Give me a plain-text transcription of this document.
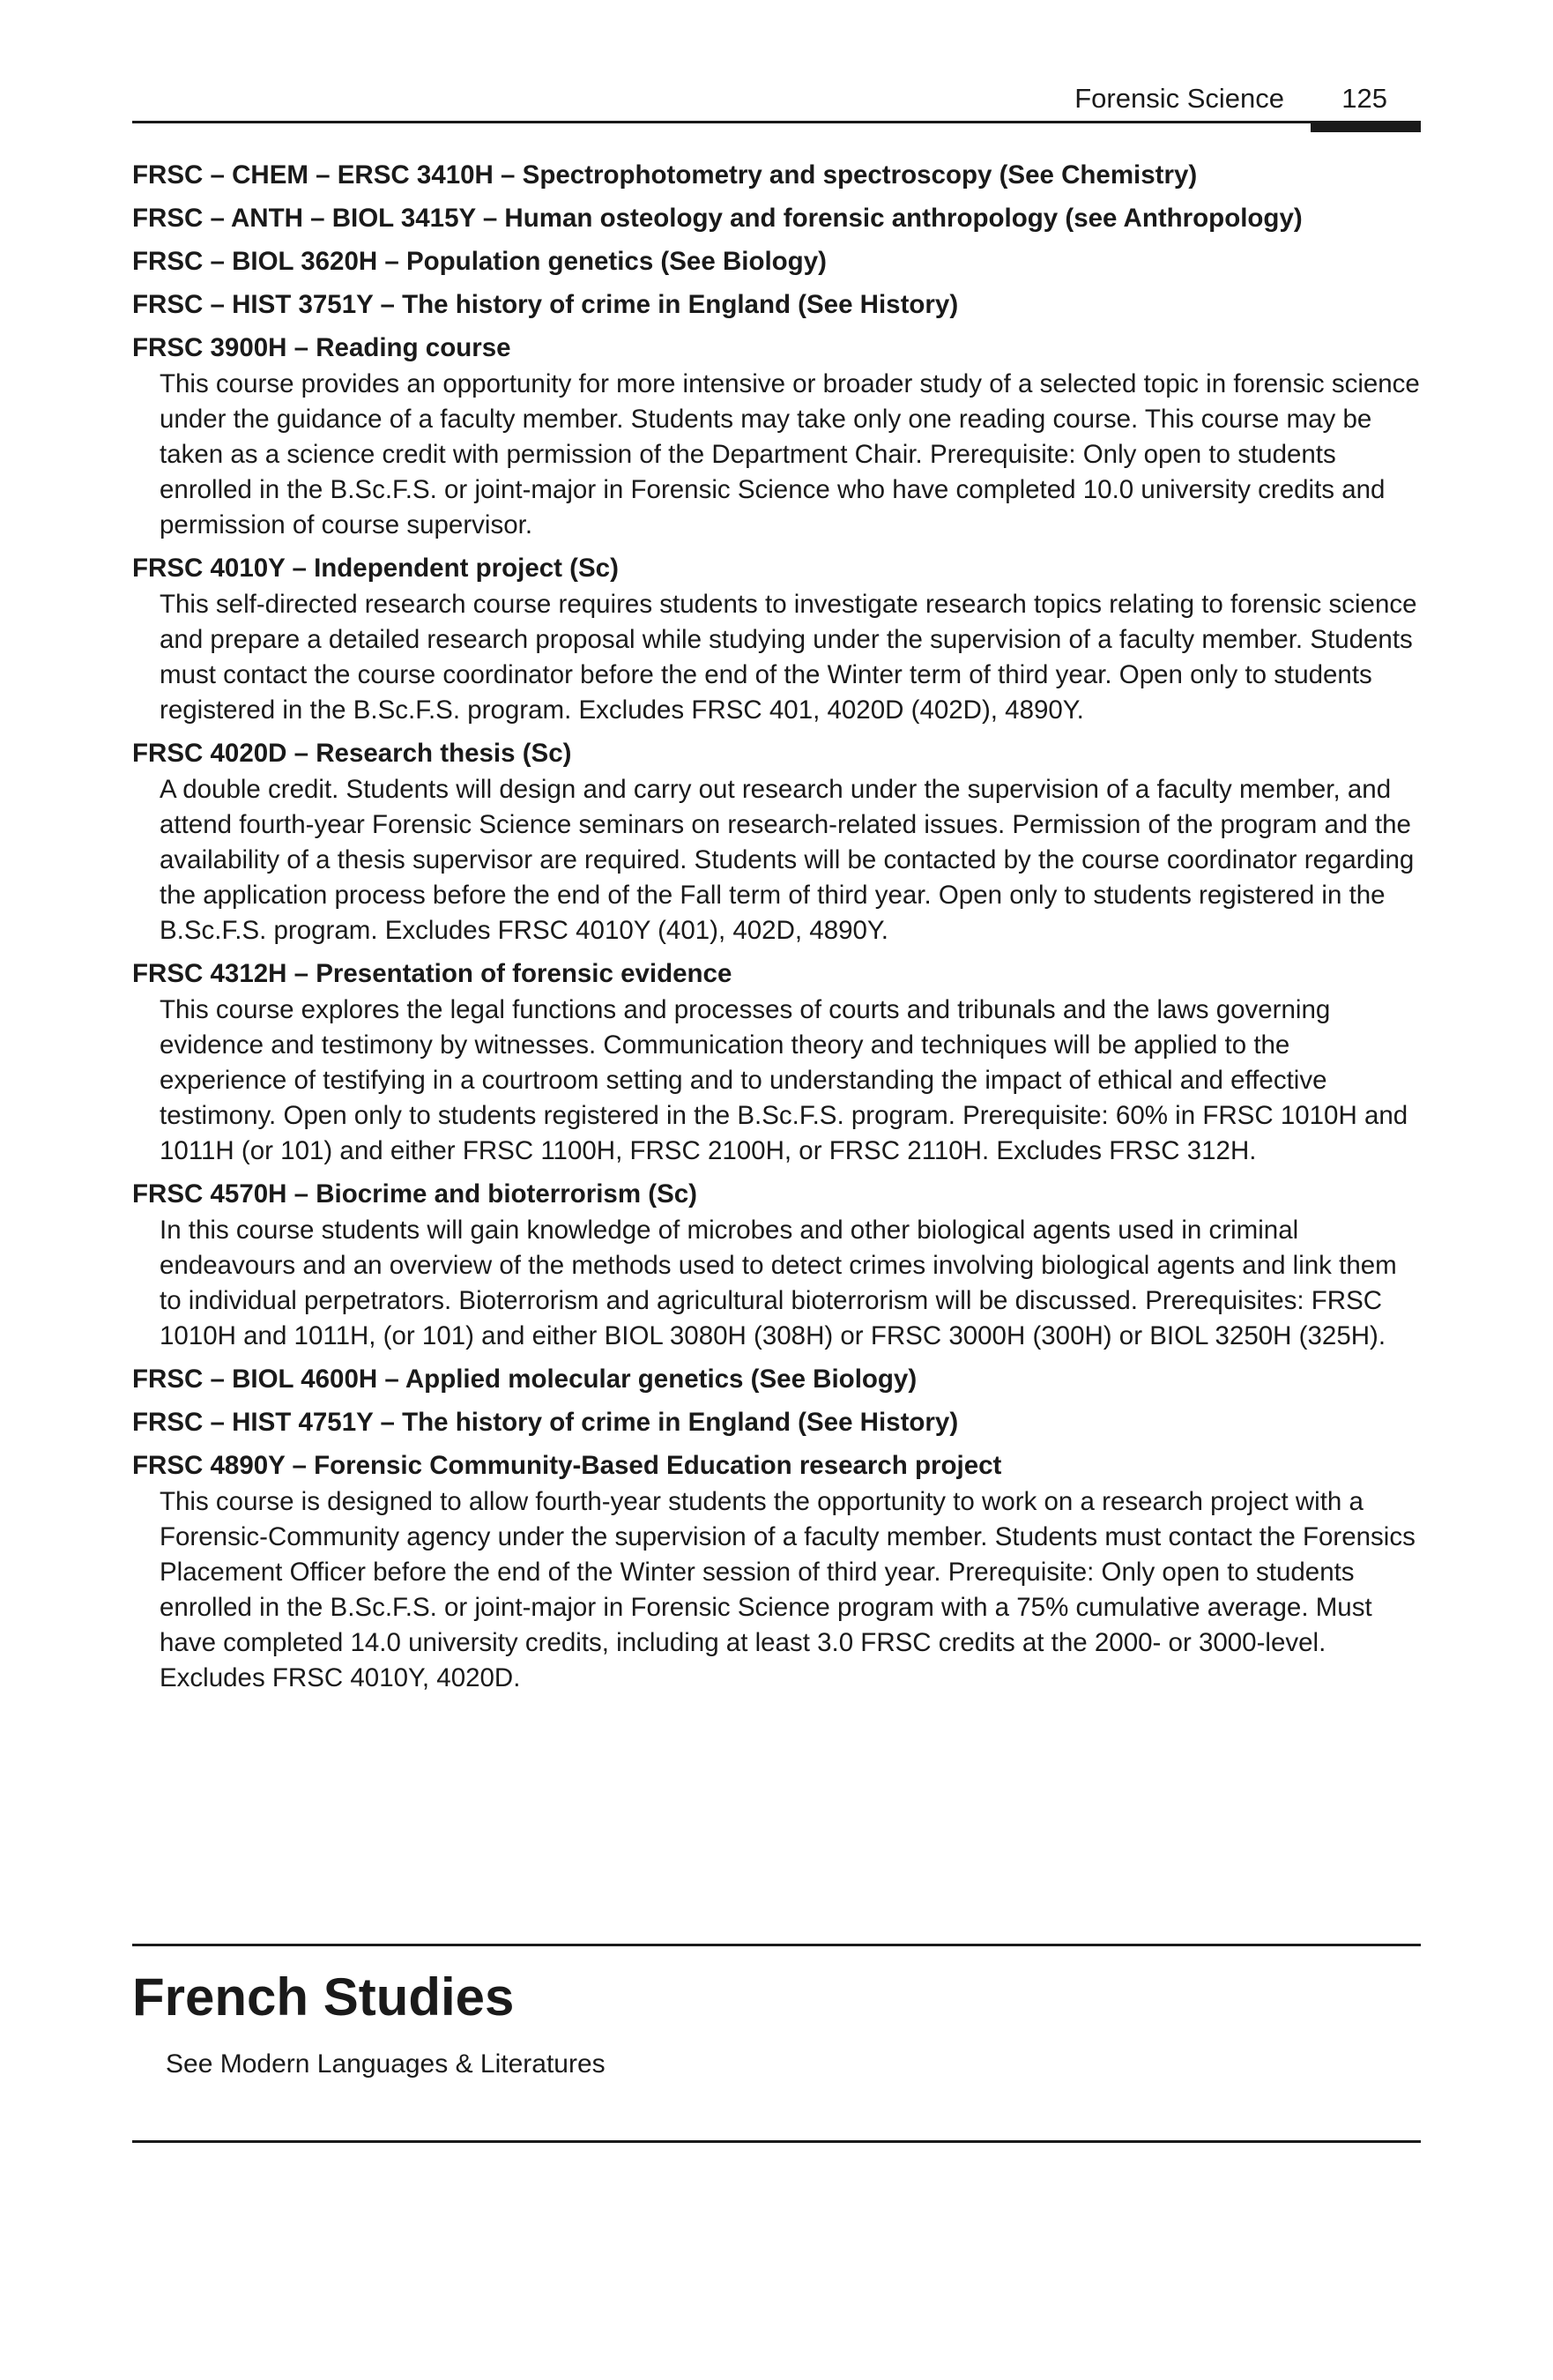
Forensic Science 125
FRSC – CHEM – ERSC 3410H – Spectrophotometry and spectroscopy (See Chemistry)
FRSC – ANTH – BIOL 3415Y – Human osteology and forensic anthropology (see Anthropology)
FRSC – BIOL 3620H – Population genetics (See Biology)
FRSC – HIST 3751Y – The history of crime in England (See History)
FRSC 3900H – Reading course
This course provides an opportunity for more intensive or broader study of a selected topic in forensic science under the guidance of a faculty member. Students may take only one reading course. This course may be taken as a science credit with permission of the Department Chair. Prerequisite: Only open to students enrolled in the B.Sc.F.S. or joint-major in Forensic Science who have completed 10.0 university credits and permission of course supervisor.
FRSC 4010Y – Independent project (Sc)
This self-directed research course requires students to investigate research topics relating to forensic science and prepare a detailed research proposal while studying under the supervision of a faculty member. Students must contact the course coordinator before the end of the Winter term of third year. Open only to students registered in the B.Sc.F.S. program. Excludes FRSC 401, 4020D (402D), 4890Y.
FRSC 4020D – Research thesis (Sc)
A double credit. Students will design and carry out research under the supervision of a faculty member, and attend fourth-year Forensic Science seminars on research-related issues. Permission of the program and the availability of a thesis supervisor are required. Students will be contacted by the course coordinator regarding the application process before the end of the Fall term of third year. Open only to students registered in the B.Sc.F.S. program. Excludes FRSC 4010Y (401), 402D, 4890Y.
FRSC 4312H – Presentation of forensic evidence
This course explores the legal functions and processes of courts and tribunals and the laws governing evidence and testimony by witnesses. Communication theory and techniques will be applied to the experience of testifying in a courtroom setting and to understanding the impact of ethical and effective testimony. Open only to students registered in the B.Sc.F.S. program. Prerequisite: 60% in FRSC 1010H and 1011H (or 101) and either FRSC 1100H, FRSC 2100H, or FRSC 2110H. Excludes FRSC 312H.
FRSC 4570H – Biocrime and bioterrorism (Sc)
In this course students will gain knowledge of microbes and other biological agents used in criminal endeavours and an overview of the methods used to detect crimes involving biological agents and link them to individual perpetrators. Bioterrorism and agricultural bioterrorism will be discussed. Prerequisites: FRSC 1010H and 1011H, (or 101) and either BIOL 3080H (308H) or FRSC 3000H (300H) or BIOL 3250H (325H).
FRSC – BIOL 4600H – Applied molecular genetics (See Biology)
FRSC – HIST 4751Y – The history of crime in England (See History)
FRSC 4890Y – Forensic Community-Based Education research project
This course is designed to allow fourth-year students the opportunity to work on a research project with a Forensic-Community agency under the supervision of a faculty member. Students must contact the Forensics Placement Officer before the end of the Winter session of third year. Prerequisite: Only open to students enrolled in the B.Sc.F.S. or joint-major in Forensic Science program with a 75% cumulative average. Must have completed 14.0 university credits, including at least 3.0 FRSC credits at the 2000- or 3000-level. Excludes FRSC 4010Y, 4020D.
French Studies
See Modern Languages & Literatures
